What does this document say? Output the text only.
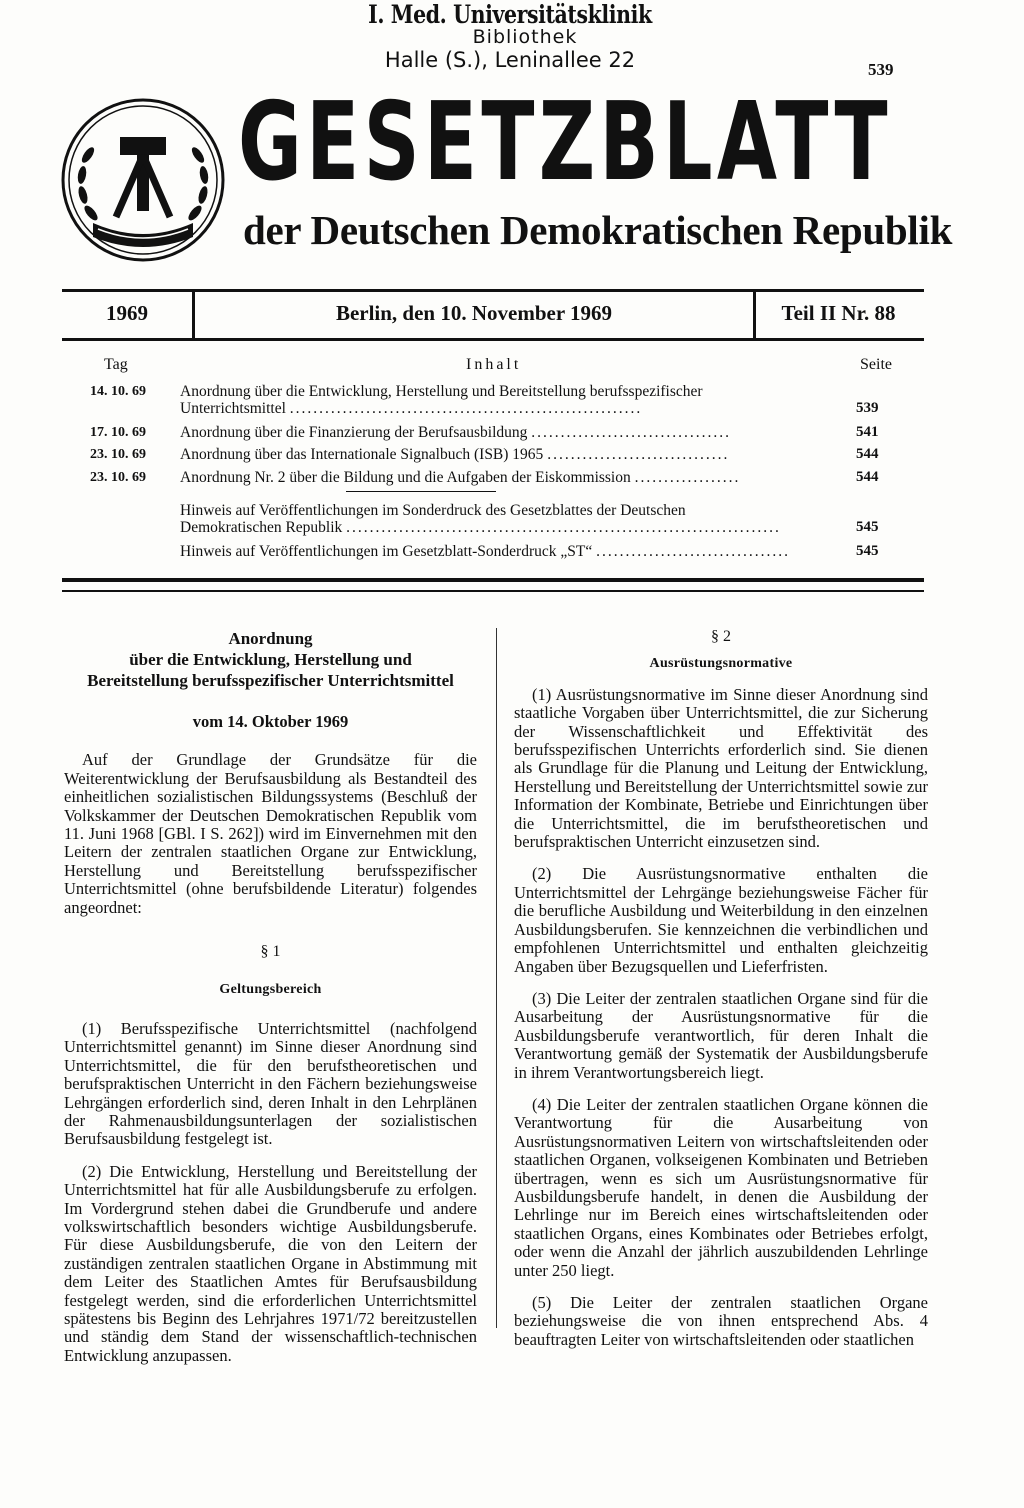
I. Med. Universitätsklinik
Bibliothek
Halle (S.), Leninallee 22	539
GESETZBLATT
der Deutschen Demokratischen Republik
1969	Berlin, den 10. November 1969	Teil II Nr. 88
Tag	Inhalt	Seite
14. 10. 69	Anordnung über die Entwicklung, Herstellung und Bereitstellung berufsspezifischer
Unterrichtsmittel ............................................................	539
17. 10. 69	Anordnung über die Finanzierung der Berufsausbildung ..................................	541
23. 10. 69	Anordnung über das Internationale Signalbuch (ISB) 1965 ...............................	544
23. 10. 69	Anordnung Nr. 2 über die Bildung und die Aufgaben der Eiskommission ..................	544
Hinweis auf Veröffentlichungen im Sonderdruck des Gesetzblattes der Deutschen
Demokratischen Republik ..........................................................................	545
Hinweis auf Veröffentlichungen im Gesetzblatt-Sonderdruck „ST“ .................................	545
Anordnung
über die Entwicklung, Herstellung und
Bereitstellung berufsspezifischer Unterrichtsmittel
vom 14. Oktober 1969
Auf der Grundlage der Grundsätze für die Weiterentwicklung der Berufsausbildung als Bestandteil des einheitlichen sozialistischen Bildungssystems (Beschluß der Volkskammer der Deutschen Demokratischen Republik vom 11. Juni 1968 [GBl. I S. 262]) wird im Einvernehmen mit den Leitern der zentralen staatlichen Organe zur Entwicklung, Herstellung und Bereitstellung berufsspezifischer Unterrichtsmittel (ohne berufsbildende Literatur) folgendes angeordnet:
§ 1
Geltungsbereich
(1) Berufsspezifische Unterrichtsmittel (nachfolgend Unterrichtsmittel genannt) im Sinne dieser Anordnung sind Unterrichtsmittel, die für den berufstheoretischen und berufspraktischen Unterricht in den Fächern beziehungsweise Lehrgängen erforderlich sind, deren Inhalt in den Lehrplänen der Rahmenausbildungsunterlagen der sozialistischen Berufsausbildung festgelegt ist.
(2) Die Entwicklung, Herstellung und Bereitstellung der Unterrichtsmittel hat für alle Ausbildungsberufe zu erfolgen. Im Vordergrund stehen dabei die Grundberufe und andere volkswirtschaftlich besonders wichtige Ausbildungsberufe. Für diese Ausbildungsberufe, die von den Leitern der zuständigen zentralen staatlichen Organe in Abstimmung mit dem Leiter des Staatlichen Amtes für Berufsausbildung festgelegt werden, sind die erforderlichen Unterrichtsmittel spätestens bis Beginn des Lehrjahres 1971/72 bereitzustellen und ständig dem Stand der wissenschaftlich-technischen Entwicklung anzupassen.
§ 2
Ausrüstungsnormative
(1) Ausrüstungsnormative im Sinne dieser Anordnung sind staatliche Vorgaben über Unterrichtsmittel, die zur Sicherung der Wissenschaftlichkeit und Effektivität des berufsspezifischen Unterrichts erforderlich sind. Sie dienen als Grundlage für die Planung und Leitung der Entwicklung, Herstellung und Bereitstellung der Unterrichtsmittel sowie zur Information der Kombinate, Betriebe und Einrichtungen über die Unterrichtsmittel, die im berufstheoretischen und berufspraktischen Unterricht einzusetzen sind.
(2) Die Ausrüstungsnormative enthalten die Unterrichtsmittel der Lehrgänge beziehungsweise Fächer für die berufliche Ausbildung und Weiterbildung in den einzelnen Ausbildungsberufen. Sie kennzeichnen die verbindlichen und empfohlenen Unterrichtsmittel und enthalten gleichzeitig Angaben über Bezugsquellen und Lieferfristen.
(3) Die Leiter der zentralen staatlichen Organe sind für die Ausarbeitung der Ausrüstungsnormative für die Ausbildungsberufe verantwortlich, für deren Inhalt die Verantwortung gemäß der Systematik der Ausbildungsberufe in ihrem Verantwortungsbereich liegt.
(4) Die Leiter der zentralen staatlichen Organe können die Verantwortung für die Ausarbeitung von Ausrüstungsnormativen Leitern von wirtschaftsleitenden oder staatlichen Organen, volkseigenen Kombinaten und Betrieben übertragen, wenn es sich um Ausrüstungsnormative für Ausbildungsberufe handelt, in denen die Ausbildung der Lehrlinge nur im Bereich eines wirtschaftsleitenden oder staatlichen Organs, eines Kombinates oder Betriebes erfolgt, oder wenn die Anzahl der jährlich auszubildenden Lehrlinge unter 250 liegt.
(5) Die Leiter der zentralen staatlichen Organe beziehungsweise die von ihnen entsprechend Abs. 4 beauftragten Leiter von wirtschaftsleitenden oder staatlichen
